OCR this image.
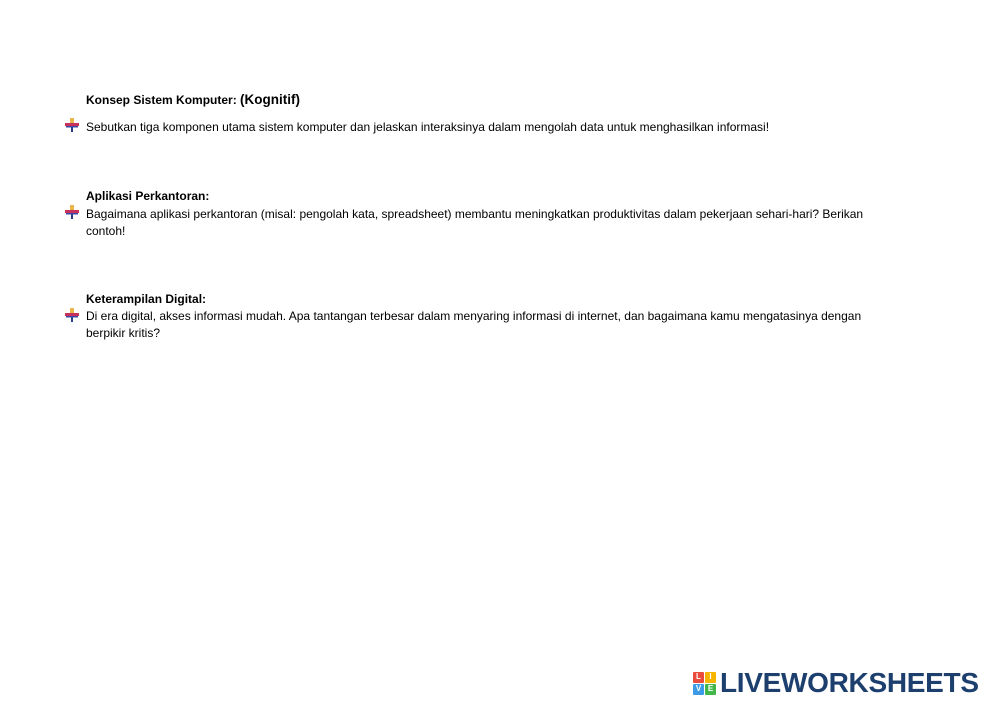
Konsep Sistem Komputer: (Kognitif)
Sebutkan tiga komponen utama sistem komputer dan jelaskan interaksinya dalam mengolah data untuk menghasilkan informasi!
Aplikasi Perkantoran:
Bagaimana aplikasi perkantoran (misal: pengolah kata, spreadsheet) membantu meningkatkan produktivitas dalam pekerjaan sehari-hari? Berikan contoh!
Keterampilan Digital:
Di era digital, akses informasi mudah. Apa tantangan terbesar dalam menyaring informasi di internet, dan bagaimana kamu mengatasinya dengan berpikir kritis?
L	I
V E LIVEWORKSHEETS
